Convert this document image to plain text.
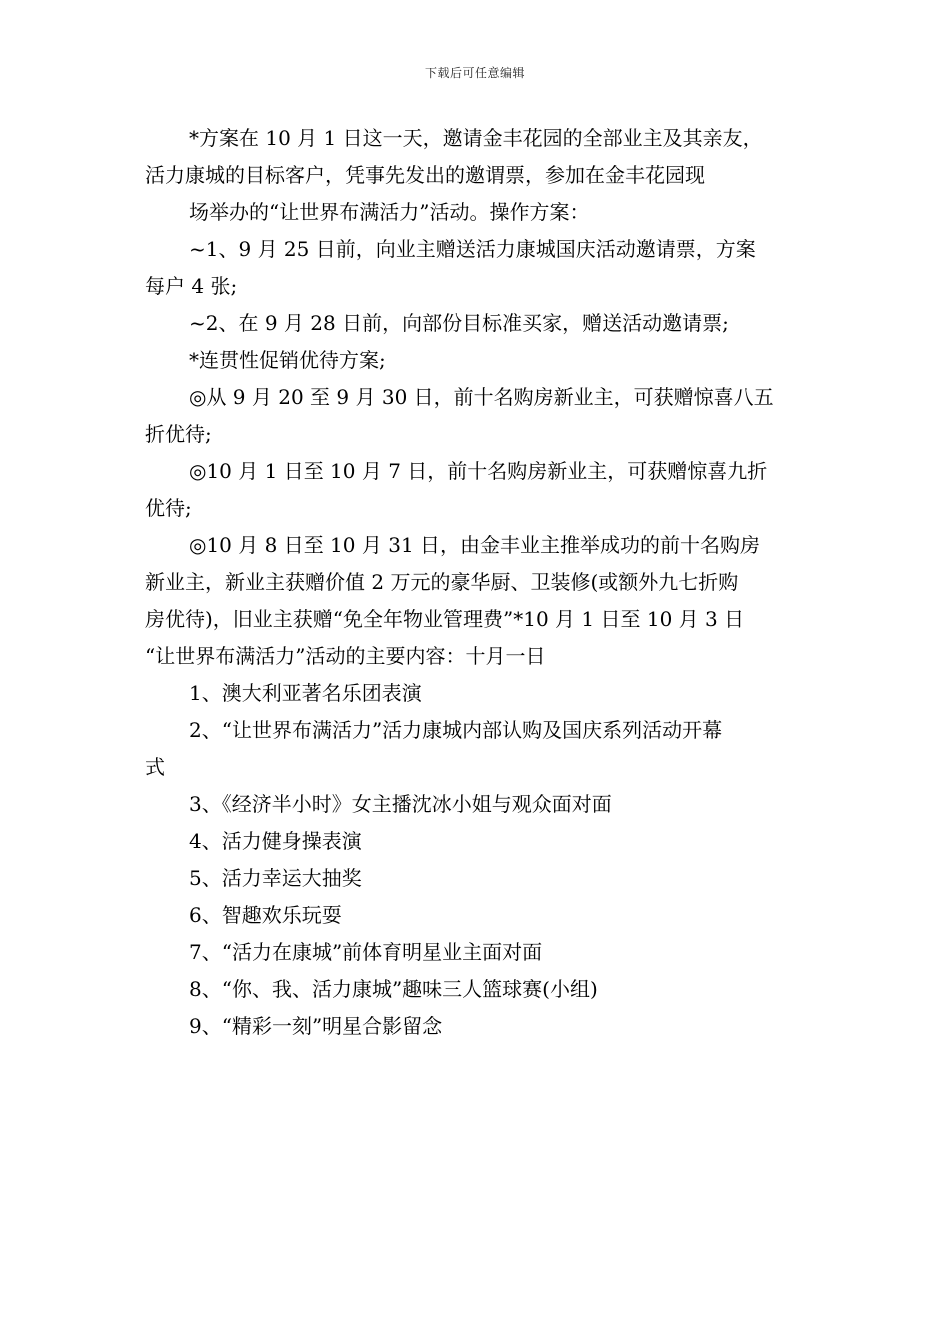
下载后可任意编辑
*方案在 10 月 1 日这一天，邀请金丰花园的全部业主及其亲友，
活力康城的目标客户，凭事先发出的邀谓票，参加在金丰花园现
场举办的“让世界布满活力”活动。操作方案：
~1、9 月 25 日前，向业主赠送活力康城国庆活动邀请票，方案
每户 4 张;
~2、在 9 月 28 日前，向部份目标准买家，赠送活动邀请票;
*连贯性促销优待方案;
◎从 9 月 20 至 9 月 30 日，前十名购房新业主，可获赠惊喜八五
折优待;
◎10 月 1 日至 10 月 7 日，前十名购房新业主，可获赠惊喜九折
优待;
◎10 月 8 日至 10 月 31 日，由金丰业主推举成功的前十名购房
新业主，新业主获赠价值 2 万元的豪华厨、卫装修(或额外九七折购
房优待)，旧业主获赠“免全年物业管理费”*10 月 1 日至 10 月 3 日
“让世界布满活力”活动的主要内容：十月一日
1、澳大利亚著名乐团表演
2、“让世界布满活力”活力康城内部认购及国庆系列活动开幕
式
3、《经济半小时》女主播沈冰小姐与观众面对面
4、活力健身操表演
5、活力幸运大抽奖
6、智趣欢乐玩耍
7、“活力在康城”前体育明星业主面对面
8、“你、我、活力康城”趣味三人篮球赛(小组)
9、“精彩一刻”明星合影留念
